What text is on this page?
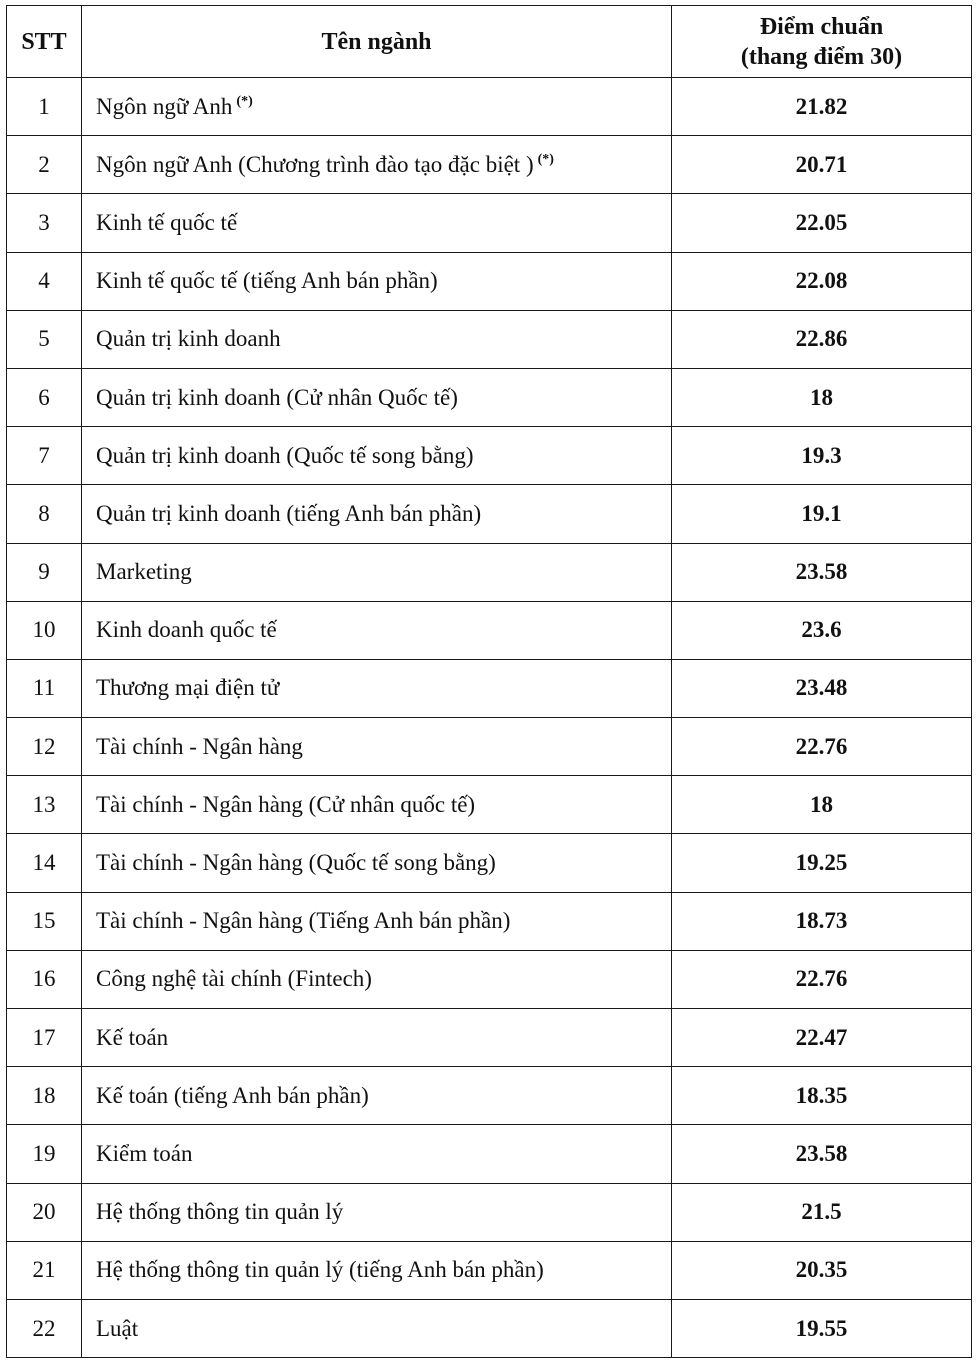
STT	Tên ngành	Điểm chuẩn
(thang điểm 30)

1	Ngôn ngữ Anh (*)	21.82
2	Ngôn ngữ Anh (Chương trình đào tạo đặc biệt ) (*)	20.71
3	Kinh tế quốc tế	22.05
4	Kinh tế quốc tế (tiếng Anh bán phần)	22.08
5	Quản trị kinh doanh	22.86
6	Quản trị kinh doanh (Cử nhân Quốc tế)	18
7	Quản trị kinh doanh (Quốc tế song bằng)	19.3
8	Quản trị kinh doanh (tiếng Anh bán phần)	19.1
9	Marketing	23.58
10	Kinh doanh quốc tế	23.6
11	Thương mại điện tử	23.48
12	Tài chính - Ngân hàng	22.76
13	Tài chính - Ngân hàng (Cử nhân quốc tế)	18
14	Tài chính - Ngân hàng (Quốc tế song bằng)	19.25
15	Tài chính - Ngân hàng (Tiếng Anh bán phần)	18.73
16	Công nghệ tài chính (Fintech)	22.76
17	Kế toán	22.47
18	Kế toán (tiếng Anh bán phần)	18.35
19	Kiểm toán	23.58
20	Hệ thống thông tin quản lý	21.5
21	Hệ thống thông tin quản lý (tiếng Anh bán phần)	20.35
22	Luật	19.55
